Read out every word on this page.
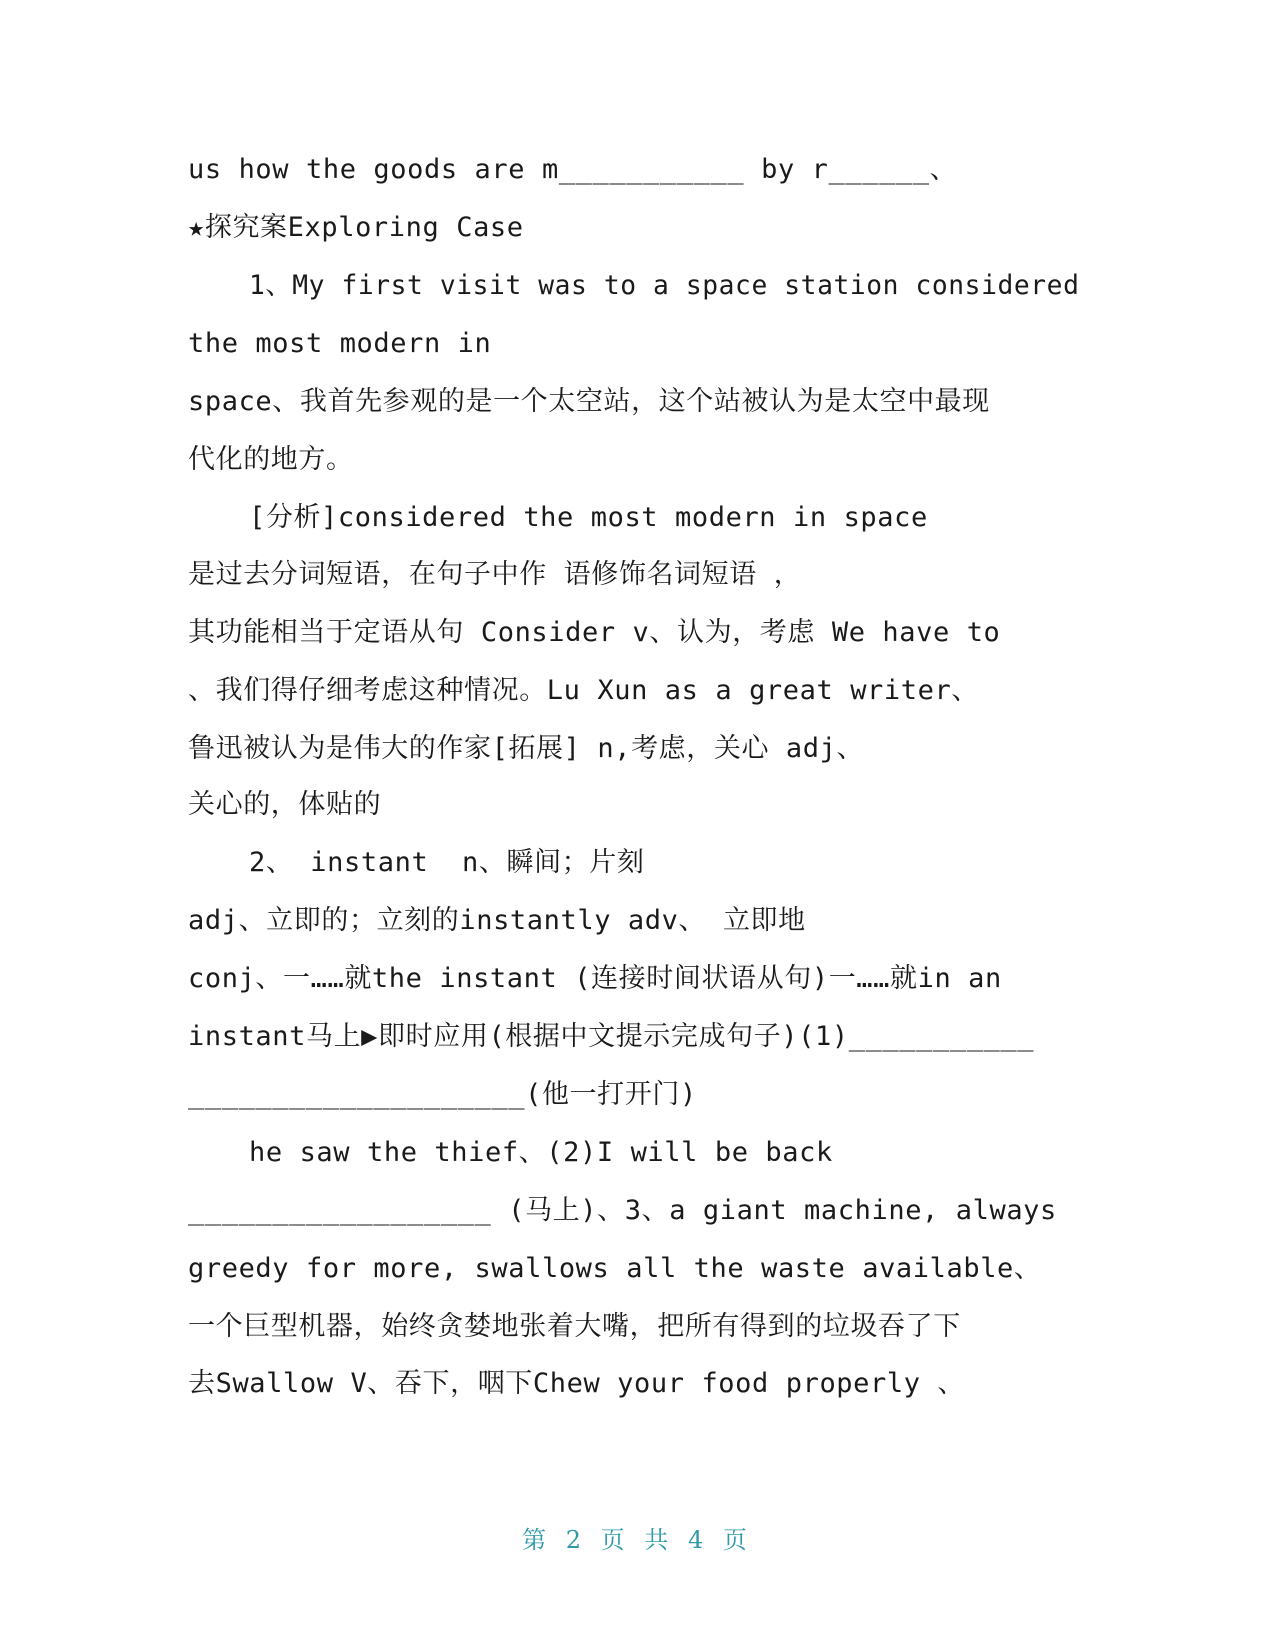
us how the goods are m___________ by r______、
★探究案Exploring Case
1、My first visit was to a space station considered
the most modern in
space、我首先参观的是一个太空站，这个站被认为是太空中最现
代化的地方。
[分析]considered the most modern in space
是过去分词短语，在句子中作 语修饰名词短语 ，
其功能相当于定语从句 Consider v、认为，考虑 We have to
、我们得仔细考虑这种情况。Lu Xun as a great writer、
鲁迅被认为是伟大的作家[拓展] n,考虑，关心 adj、
关心的，体贴的
2、 instant  n、瞬间；片刻
adj、立即的；立刻的instantly adv、 立即地
conj、一……就the instant (连接时间状语从句)一……就in an
instant马上▶即时应用(根据中文提示完成句子)(1)___________
____________________(他一打开门)
he saw the thief、(2)I will be back
__________________ (马上)、3、a giant machine, always
greedy for more, swallows all the waste available、
一个巨型机器，始终贪婪地张着大嘴，把所有得到的垃圾吞了下
去Swallow V、吞下，咽下Chew your food properly 、
第 2 页 共 4 页
